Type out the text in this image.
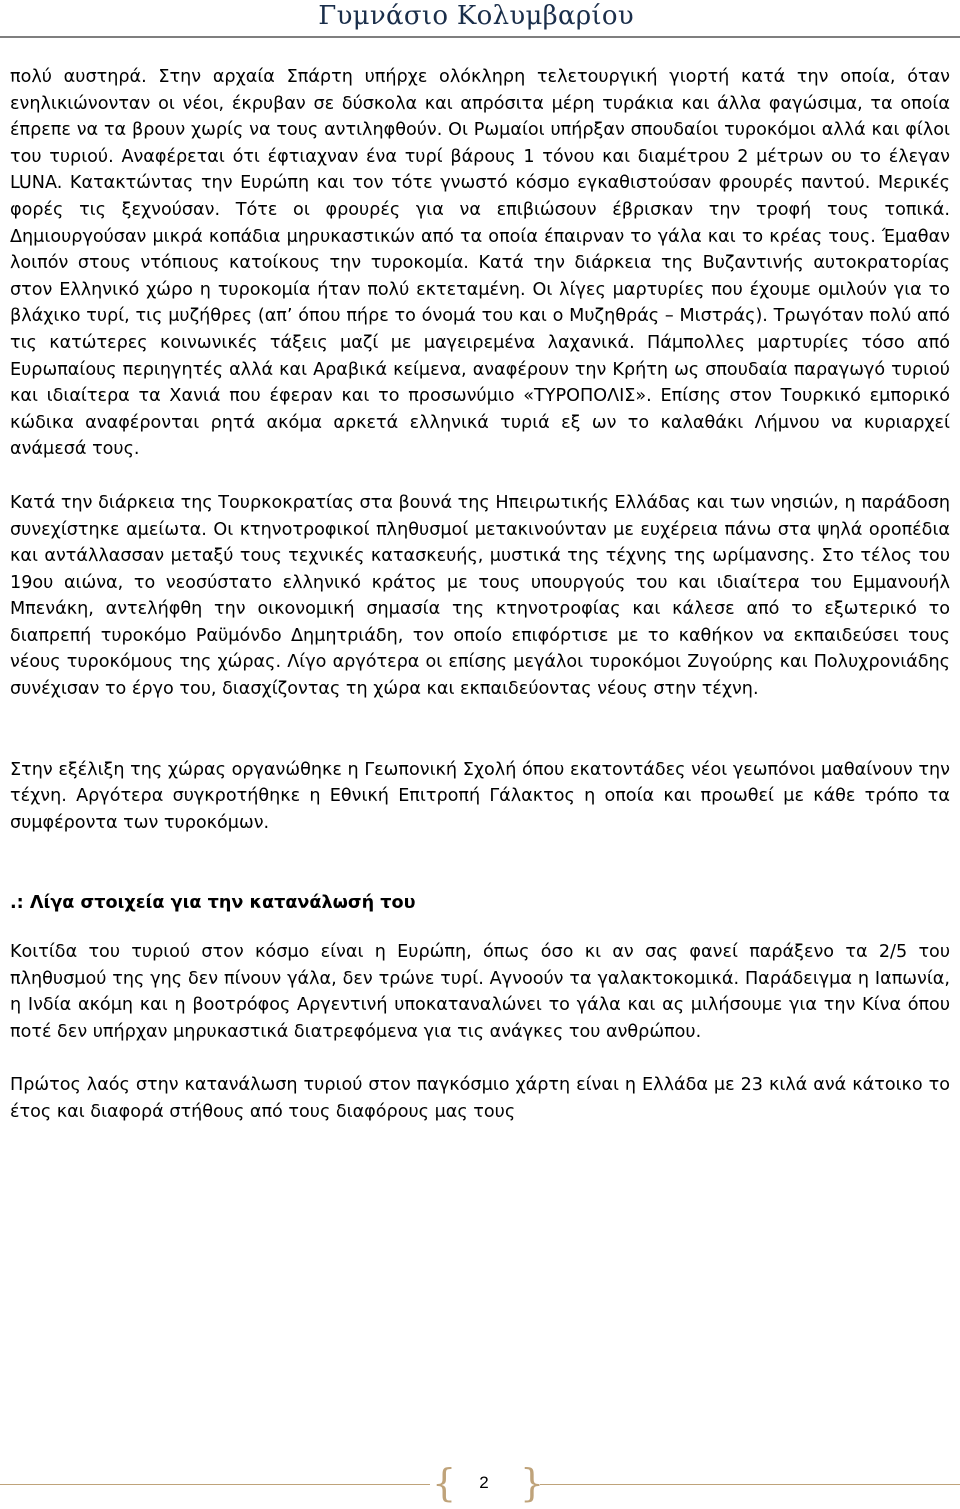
Γυμνάσιο Κολυμβαρίου

πολύ αυστηρά. Στην αρχαία Σπάρτη υπήρχε ολόκληρη τελετουργική γιορτή κατά την οποία, όταν ενηλικιώνονταν οι νέοι, έκρυβαν σε δύσκολα και απρόσιτα μέρη τυράκια και άλλα φαγώσιμα, τα οποία έπρεπε να τα βρουν χωρίς να τους αντιληφθούν. Οι Ρωμαίοι υπήρξαν σπουδαίοι τυροκόμοι αλλά και φίλοι του τυριού. Αναφέρεται ότι έφτιαχναν ένα τυρί βάρους 1 τόνου και διαμέτρου 2 μέτρων ου το έλεγαν LUNA. Κατακτώντας την Ευρώπη και τον τότε γνωστό κόσμο εγκαθιστούσαν φρουρές παντού. Μερικές φορές τις ξεχνούσαν. Τότε οι φρουρές για να επιβιώσουν έβρισκαν την τροφή τους τοπικά. Δημιουργούσαν μικρά κοπάδια μηρυκαστικών από τα οποία έπαιρναν το γάλα και το κρέας τους. Έμαθαν λοιπόν στους ντόπιους κατοίκους την τυροκομία. Κατά την διάρκεια της Βυζαντινής αυτοκρατορίας στον Ελληνικό χώρο η τυροκομία ήταν πολύ εκτεταμένη. Οι λίγες μαρτυρίες που έχουμε ομιλούν για το βλάχικο τυρί, τις μυζήθρες (απ’ όπου πήρε το όνομά του και ο Μυζηθράς – Μιστράς). Τρωγόταν πολύ από τις κατώτερες κοινωνικές τάξεις μαζί με μαγειρεμένα λαχανικά. Πάμπολλες μαρτυρίες τόσο από Ευρωπαίους περιηγητές αλλά και Αραβικά κείμενα, αναφέρουν την Κρήτη ως σπουδαία παραγωγό τυριού και ιδιαίτερα τα Χανιά που έφεραν και το προσωνύμιο «ΤΥΡΟΠΟΛΙΣ». Επίσης στον Τουρκικό εμπορικό κώδικα αναφέρονται ρητά ακόμα αρκετά ελληνικά τυριά εξ ων το καλαθάκι Λήμνου να κυριαρχεί ανάμεσά τους.

Κατά την διάρκεια της Τουρκοκρατίας στα βουνά της Ηπειρωτικής Ελλάδας και των νησιών, η παράδοση συνεχίστηκε αμείωτα. Οι κτηνοτροφικοί πληθυσμοί μετακινούνταν με ευχέρεια πάνω στα ψηλά οροπέδια και αντάλλασσαν μεταξύ τους τεχνικές κατασκευής, μυστικά της τέχνης της ωρίμανσης. Στο τέλος του 19ου αιώνα, το νεοσύστατο ελληνικό κράτος με τους υπουργούς του και ιδιαίτερα του Εμμανουήλ Μπενάκη, αντελήφθη την οικονομική σημασία της κτηνοτροφίας και κάλεσε από το εξωτερικό το διαπρεπή τυροκόμο Ραϋμόνδο Δημητριάδη, τον οποίο επιφόρτισε με το καθήκον να εκπαιδεύσει τους νέους τυροκόμους της χώρας. Λίγο αργότερα οι επίσης μεγάλοι τυροκόμοι Ζυγούρης και Πολυχρονιάδης συνέχισαν το έργο του, διασχίζοντας τη χώρα και εκπαιδεύοντας νέους στην τέχνη.

Στην εξέλιξη της χώρας οργανώθηκε η Γεωπονική Σχολή όπου εκατοντάδες νέοι γεωπόνοι μαθαίνουν την τέχνη. Αργότερα συγκροτήθηκε η Εθνική Επιτροπή Γάλακτος η οποία και προωθεί με κάθε τρόπο τα συμφέροντα των τυροκόμων.

.: Λίγα στοιχεία για την κατανάλωσή του

Κοιτίδα του τυριού στον κόσμο είναι η Ευρώπη, όπως όσο κι αν σας φανεί παράξενο τα 2/5 του πληθυσμού της γης δεν πίνουν γάλα, δεν τρώνε τυρί. Αγνοούν τα γαλακτοκομικά. Παράδειγμα η Ιαπωνία, η Ινδία ακόμη και η βοοτρόφος Αργεντινή υποκαταναλώνει το γάλα και ας μιλήσουμε για την Κίνα όπου ποτέ δεν υπήρχαν μηρυκαστικά διατρεφόμενα για τις ανάγκες του ανθρώπου.

Πρώτος λαός στην κατανάλωση τυριού στον παγκόσμιο χάρτη είναι η Ελλάδα με 23 κιλά ανά κάτοικο το έτος και διαφορά στήθους από τους διαφόρους μας τους

{	2 }
